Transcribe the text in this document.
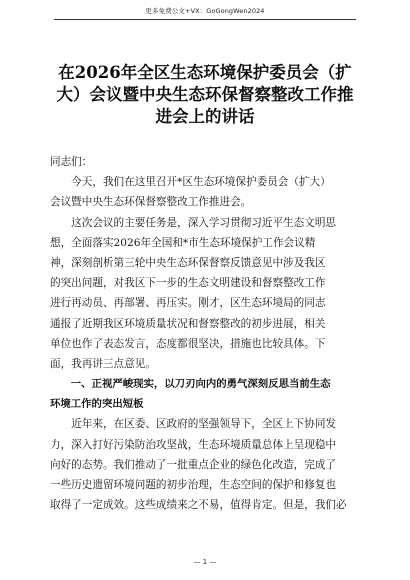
更多免费公文+VX：GoGongWen2024
在2026年全区生态环境保护委员会（扩
大）会议暨中央生态环保督察整改工作推
进会上的讲话
同志们：
　　今天，我们在这里召开*区生态环境保护委员会（扩大）
会议暨中央生态环保督察整改工作推进会。
　　这次会议的主要任务是，深入学习贯彻习近平生态文明思
想，全面落实2026年全国和*市生态环境保护工作会议精
神，深刻剖析第三轮中央生态环保督察反馈意见中涉及我区
的突出问题，对我区下一步的生态文明建设和督察整改工作
进行再动员、再部署、再压实。刚才，区生态环境局的同志
通报了近期我区环境质量状况和督察整改的初步进展，相关
单位也作了表态发言，态度都很坚决，措施也比较具体。下
面，我再讲三点意见。
　　一、正视严峻现实，以刀刃向内的勇气深刻反思当前生态
环境工作的突出短板
　　近年来，在区委、区政府的坚强领导下，全区上下协同发
力，深入打好污染防治攻坚战，生态环境质量总体上呈现稳中
向好的态势。我们推动了一批重点企业的绿色化改造，完成了
一些历史遗留环境问题的初步治理，生态空间的保护和修复也
取得了一定成效。这些成绩来之不易，值得肯定。但是，我们必
— 1 —
